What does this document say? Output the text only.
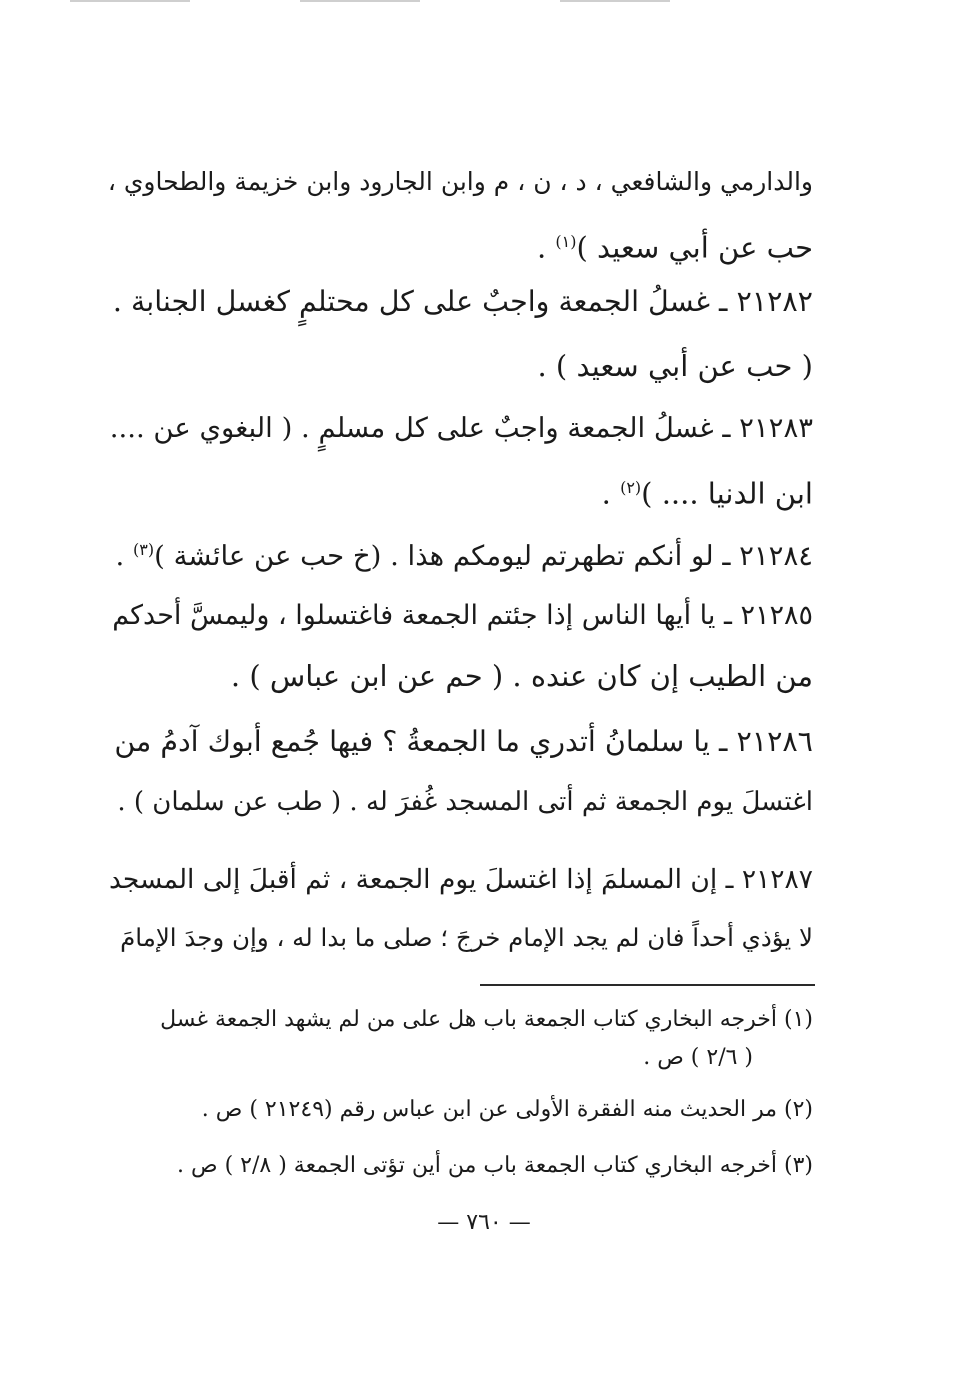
والدارمي والشافعي ، د ، ن ، م وابن الجارود وابن خزيمة والطحاوي ،
حب عن أبي سعيد )$^{(١)}$ .
٢١٢٨٢ ـ غسلُ الجمعة واجبٌ على كل محتلمٍ كغسل الجنابة .
( حب عن أبي سعيد ) .
٢١٢٨٣ ـ غسلُ الجمعة واجبٌ على كل مسلمٍ . ( البغوي عن ....
ابن الدنيا .... )$^{(٢)}$ .
٢١٢٨٤ ـ لو أنكم تطهرتم ليومكم هذا . (خ حب عن عائشة )$^{(٣)}$ .
٢١٢٨٥ ـ يا أيها الناس إذا جئتم الجمعة فاغتسلوا ، وليمسَّ أحدكم
من الطيب إن كان عنده . ( حم عن ابن عباس ) .
٢١٢٨٦ ـ يا سلمانُ أتدري ما الجمعةُ ؟ فيها جُمع أبوك آدمُ من
اغتسلَ يوم الجمعة ثم أتى المسجد غُفرَ له . ( طب عن سلمان ) .
٢١٢٨٧ ـ إن المسلمَ إذا اغتسلَ يوم الجمعة ، ثم أقبلَ إلى المسجد
لا يؤذي أحداً فان لم يجد الإمام خرجَ ؛ صلى ما بدا له ، وإن وجدَ الإمامَ
(١) أخرجه البخاري كتاب الجمعة باب هل على من لم يشهد الجمعة غسل
( ٢/٦ ) ص .
(٢) مر الحديث منه الفقرة الأولى عن ابن عباس رقم (٢١٢٤٩ ) ص .
(٣) أخرجه البخاري كتاب الجمعة باب من أين تؤتى الجمعة ( ٢/٨ ) ص .
— ٧٦٠ —
